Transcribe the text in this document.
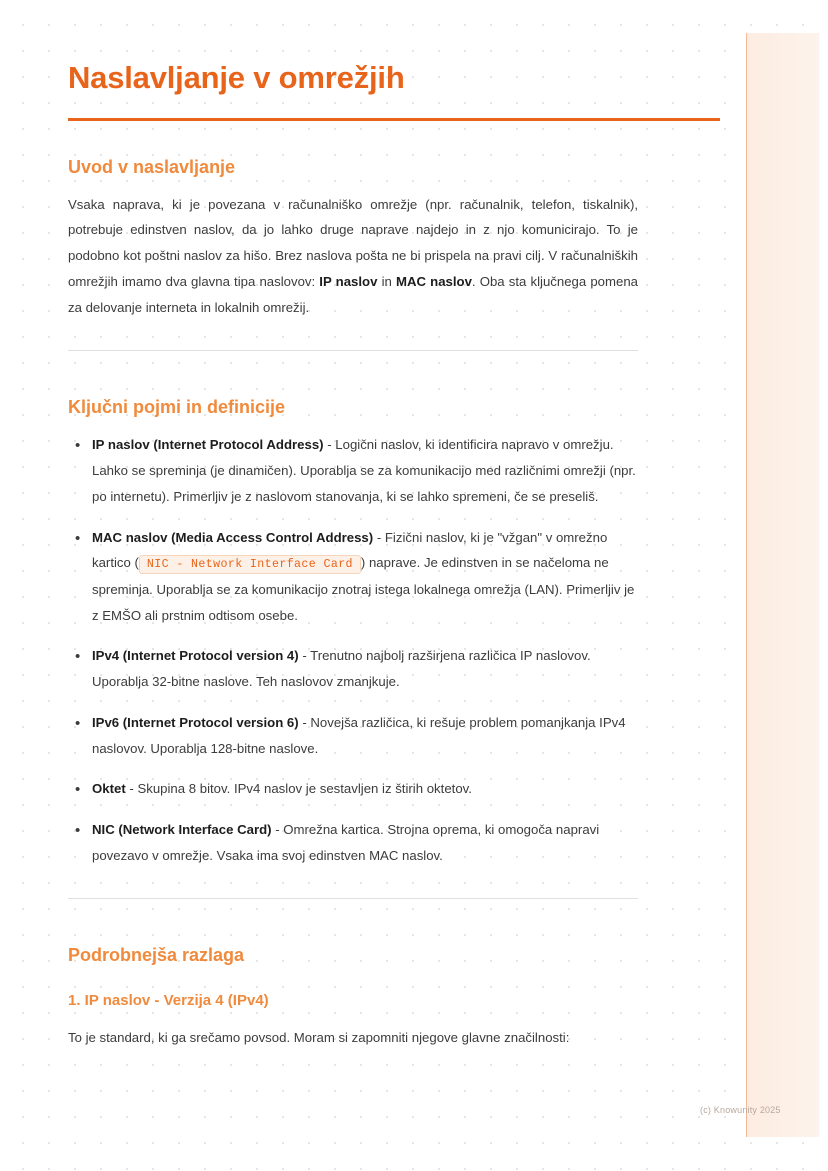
Naslavljanje v omrežjih
Uvod v naslavljanje

Vsaka naprava, ki je povezana v računalniško omrežje (npr. računalnik, telefon, tiskalnik), potrebuje edinstven naslov, da jo lahko druge naprave najdejo in z njo komunicirajo. To je podobno kot poštni naslov za hišo. Brez naslova pošta ne bi prispela na pravi cilj. V računalniških omrežjih imamo dva glavna tipa naslovov: IP naslov in MAC naslov. Oba sta ključnega pomena za delovanje interneta in lokalnih omrežij.

Ključni pojmi in definicije
• IP naslov (Internet Protocol Address) - Logični naslov, ki identificira napravo v omrežju. Lahko se spreminja (je dinamičen). Uporablja se za komunikacijo med različnimi omrežji (npr. po internetu). Primerljiv je z naslovom stanovanja, ki se lahko spremeni, če se preseliš.
• MAC naslov (Media Access Control Address) - Fizični naslov, ki je "vžgan" v omrežno kartico ( NIC - Network Interface Card ) naprave. Je edinstven in se načeloma ne spreminja. Uporablja se za komunikacijo znotraj istega lokalnega omrežja (LAN). Primerljiv je z EMŠO ali prstnim odtisom osebe.
• IPv4 (Internet Protocol version 4) - Trenutno najbolj razširjena različica IP naslovov. Uporablja 32-bitne naslove. Teh naslovov zmanjkuje.
• IPv6 (Internet Protocol version 6) - Novejša različica, ki rešuje problem pomanjkanja IPv4 naslovov. Uporablja 128-bitne naslove.
• Oktet - Skupina 8 bitov. IPv4 naslov je sestavljen iz štirih oktetov.
• NIC (Network Interface Card) - Omrežna kartica. Strojna oprema, ki omogoča napravi povezavo v omrežje. Vsaka ima svoj edinstven MAC naslov.
Podrobnejša razlaga
1. IP naslov - Verzija 4 (IPv4)

To je standard, ki ga srečamo povsod. Moram si zapomniti njegove glavne značilnosti:

(c) Knowunity 2025
